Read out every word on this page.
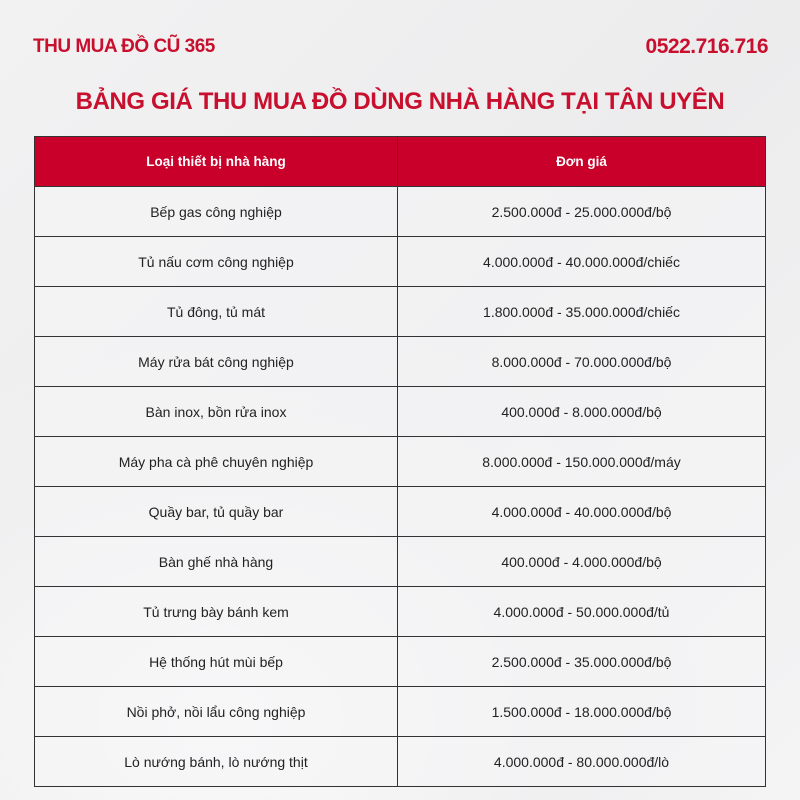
THU MUA ĐỒ CŨ 365	0522.716.716
BẢNG GIÁ THU MUA ĐỒ DÙNG NHÀ HÀNG TẠI TÂN UYÊN
Loại thiết bị nhà hàng	Đơn giá
Bếp gas công nghiệp	2.500.000đ - 25.000.000đ/bộ
Tủ nấu cơm công nghiệp	4.000.000đ - 40.000.000đ/chiếc
Tủ đông, tủ mát	1.800.000đ - 35.000.000đ/chiếc
Máy rửa bát công nghiệp	8.000.000đ - 70.000.000đ/bộ
Bàn inox, bồn rửa inox	400.000đ - 8.000.000đ/bộ
Máy pha cà phê chuyên nghiệp	8.000.000đ - 150.000.000đ/máy
Quầy bar, tủ quầy bar	4.000.000đ - 40.000.000đ/bộ
Bàn ghế nhà hàng	400.000đ - 4.000.000đ/bộ
Tủ trưng bày bánh kem	4.000.000đ - 50.000.000đ/tủ
Hệ thống hút mùi bếp	2.500.000đ - 35.000.000đ/bộ
Nồi phở, nồi lẩu công nghiệp	1.500.000đ - 18.000.000đ/bộ
Lò nướng bánh, lò nướng thịt	4.000.000đ - 80.000.000đ/lò
